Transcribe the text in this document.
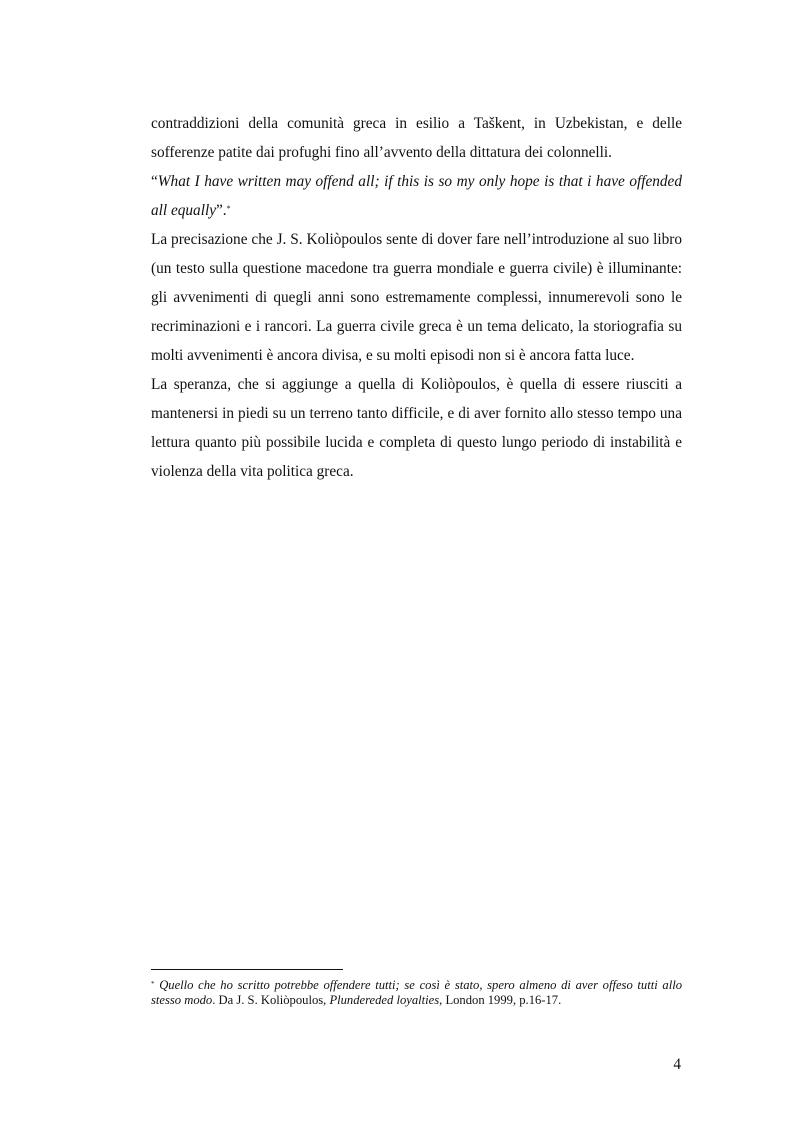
contraddizioni della comunità greca in esilio a Taškent, in Uzbekistan, e delle sofferenze patite dai profughi fino all’avvento della dittatura dei colonnelli.

“What I have written may offend all; if this is so my only hope is that i have offended all equally”.*

La precisazione che J. S. Koliòpoulos sente di dover fare nell’introduzione al suo libro (un testo sulla questione macedone tra guerra mondiale e guerra civile) è illuminante: gli avvenimenti di quegli anni sono estremamente complessi, innumerevoli sono le recriminazioni e i rancori. La guerra civile greca è un tema delicato, la storiografia su molti avvenimenti è ancora divisa, e su molti episodi non si è ancora fatta luce.

La speranza, che si aggiunge a quella di Koliòpoulos, è quella di essere riusciti a mantenersi in piedi su un terreno tanto difficile, e di aver fornito allo stesso tempo una lettura quanto più possibile lucida e completa di questo lungo periodo di instabilità e violenza della vita politica greca.

* Quello che ho scritto potrebbe offendere tutti; se così è stato, spero almeno di aver offeso tutti allo stesso modo. Da J. S. Koliòpoulos, Plundereded loyalties, London 1999, p.16-17.

4
